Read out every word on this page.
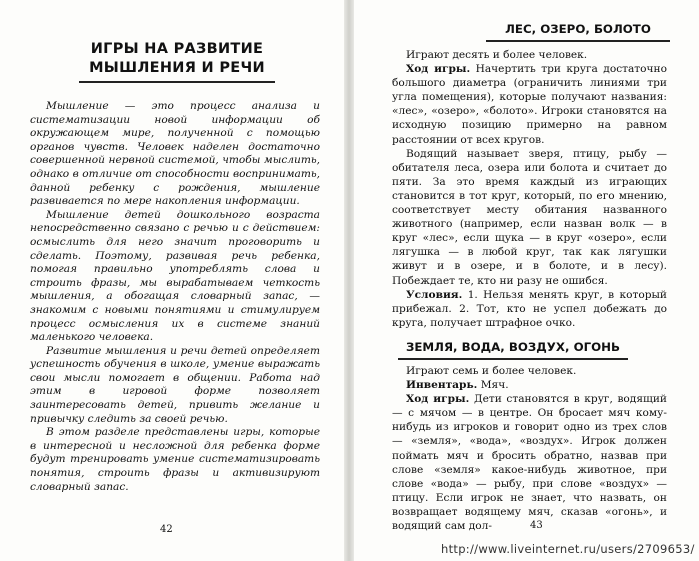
ИГРЫ НА РАЗВИТИЕ
МЫШЛЕНИЯ И РЕЧИ

Мышление — это процесс анализа и систематизации новой информации об окружающем мире, полученной с помощью органов чувств. Человек наделен достаточно совершенной нервной системой, чтобы мыслить, однако в отличие от способности воспринимать, данной ребенку с рождения, мышление развивается по мере накопления информации.

Мышление детей дошкольного возраста непосредственно связано с речью и с действием: осмыслить для него значит проговорить и сделать. Поэтому, развивая речь ребенка, помогая правильно употреблять слова и строить фразы, мы вырабатываем четкость мышления, а обогащая словарный запас, — знакомим с новыми понятиями и стимулируем процесс осмысления их в системе знаний маленького человека.

Развитие мышления и речи детей определяет успешность обучения в школе, умение выражать свои мысли помогает в общении. Работа над этим в игровой форме позволяет заинтересовать детей, привить желание и привычку следить за своей речью.

В этом разделе представлены игры, которые в интересной и несложной для ребенка форме будут тренировать умение систематизировать понятия, строить фразы и активизируют словарный запас.

42
ЛЕС, ОЗЕРО, БОЛОТО

Играют десять и более человек.

Ход игры. Начертить три круга достаточно большого диаметра (ограничить линиями три угла помещения), которые получают названия: «лес», «озеро», «болото». Игроки становятся на исходную позицию примерно на равном расстоянии от всех кругов.

Водящий называет зверя, птицу, рыбу — обитателя леса, озера или болота и считает до пяти. За это время каждый из играющих становится в тот круг, который, по его мнению, соответствует месту обитания названного животного (например, если назван волк — в круг «лес», если щука — в круг «озеро», если лягушка — в любой круг, так как лягушки живут и в озере, и в болоте, и в лесу). Побеждает те, кто ни разу не ошибся.

Условия. 1. Нельзя менять круг, в который прибежал. 2. Тот, кто не успел добежать до круга, получает штрафное очко.

ЗЕМЛЯ, ВОДА, ВОЗДУХ, ОГОНЬ

Играют семь и более человек.

Инвентарь. Мяч.

Ход игры. Дети становятся в круг, водящий — с мячом — в центре. Он бросает мяч кому-нибудь из игроков и говорит одно из трех слов — «земля», «вода», «воздух». Игрок должен поймать мяч и бросить обратно, назвав при слове «земля» какое-нибудь животное, при слове «вода» — рыбу, при слове «воздух» — птицу. Если игрок не знает, что назвать, он возвращает водящему мяч, сказав «огонь», и водящий сам дол-	43
http://www.liveinternet.ru/users/2709653/
